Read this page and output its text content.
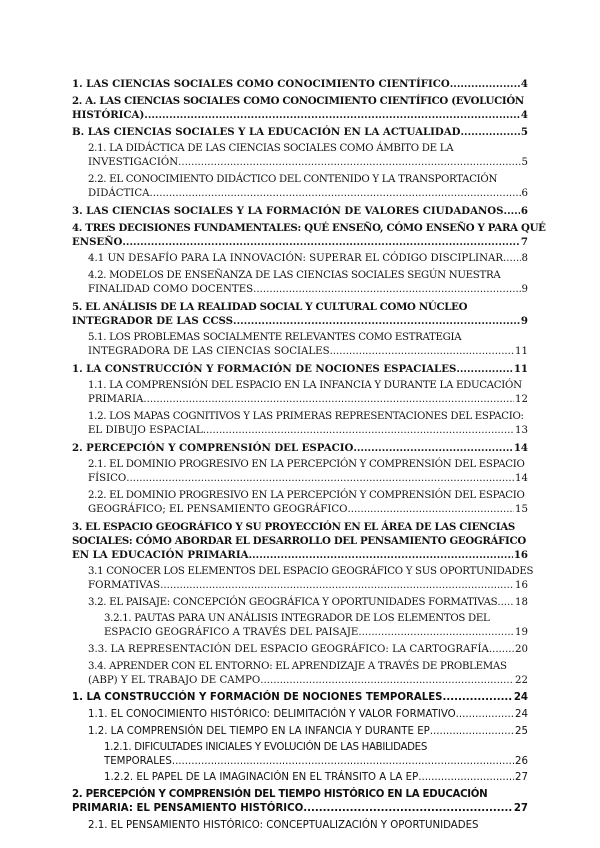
1. LAS CIENCIAS SOCIALES COMO CONOCIMIENTO CIENTÍFICO .....	4
2. A. LAS CIENCIAS SOCIALES COMO CONOCIMIENTO CIENTÍFICO (EVOLUCIÓN
HISTÓRICA) .....	4
B. LAS CIENCIAS SOCIALES Y LA EDUCACIÓN EN LA ACTUALIDAD .....	5
2.1. LA DIDÁCTICA DE LAS CIENCIAS SOCIALES COMO ÁMBITO DE LA
INVESTIGACIÓN .....	5
2.2. EL CONOCIMIENTO DIDÁCTICO DEL CONTENIDO Y LA TRANSPORTACIÓN
DIDÁCTICA .....	6
3. LAS CIENCIAS SOCIALES Y LA FORMACIÓN DE VALORES CIUDADANOS ..... 6
4. TRES DECISIONES FUNDAMENTALES: QUÉ ENSEÑO, CÓMO ENSEÑO Y PARA QUÉ
ENSEÑO .....	7
4.1 UN DESAFÍO PARA LA INNOVACIÓN: SUPERAR EL CÓDIGO DISCIPLINAR ..... 8
4.2. MODELOS DE ENSEÑANZA DE LAS CIENCIAS SOCIALES SEGÚN NUESTRA
FINALIDAD COMO DOCENTES .....	9
5. EL ANÁLISIS DE LA REALIDAD SOCIAL Y CULTURAL COMO NÚCLEO
INTEGRADOR DE LAS CCSS .....	9
5.1. LOS PROBLEMAS SOCIALMENTE RELEVANTES COMO ESTRATEGIA
INTEGRADORA DE LAS CIENCIAS SOCIALES .....	11
1. LA CONSTRUCCIÓN Y FORMACIÓN DE NOCIONES ESPACIALES .....	11
1.1. LA COMPRENSIÓN DEL ESPACIO EN LA INFANCIA Y DURANTE LA EDUCACIÓN
PRIMARIA .....	12
1.2. LOS MAPAS COGNITIVOS Y LAS PRIMERAS REPRESENTACIONES DEL ESPACIO:
EL DIBUJO ESPACIAL .....	13
2. PERCEPCIÓN Y COMPRENSIÓN DEL ESPACIO .....	14
2.1. EL DOMINIO PROGRESIVO EN LA PERCEPCIÓN Y COMPRENSIÓN DEL ESPACIO
FÍSICO .....	14
2.2. EL DOMINIO PROGRESIVO EN LA PERCEPCIÓN Y COMPRENSIÓN DEL ESPACIO
GEOGRÁFICO; EL PENSAMIENTO GEOGRÁFICO .....	15
3. EL ESPACIO GEOGRÁFICO Y SU PROYECCIÓN EN EL ÁREA DE LAS CIENCIASSOCIALES: CÓMO ABORDAR EL DESARROLLO DEL PENSAMIENTO GEOGRÁFICO
EN LA EDUCACIÓN PRIMARIA .....	16
3.1 CONOCER LOS ELEMENTOS DEL ESPACIO GEOGRÁFICO Y SUS OPORTUNIDADES
FORMATIVAS .....	16
3.2. EL PAISAJE: CONCEPCIÓN GEOGRÁFICA Y OPORTUNIDADES FORMATIVAS ..... 18
3.2.1. PAUTAS PARA UN ANÁLISIS INTEGRADOR DE LOS ELEMENTOS DEL
ESPACIO GEOGRÁFICO A TRAVÉS DEL PAISAJE .....	19
3.3. LA REPRESENTACIÓN DEL ESPACIO GEOGRÁFICO: LA CARTOGRAFÍA .....	20
3.4. APRENDER CON EL ENTORNO: EL APRENDIZAJE A TRAVÉS DE PROBLEMAS
(ABP) Y EL TRABAJO DE CAMPO .....	22
1. LA CONSTRUCCIÓN Y FORMACIÓN DE NOCIONES TEMPORALES .....	24
1.1. EL CONOCIMIENTO HISTÓRICO: DELIMITACIÓN Y VALOR FORMATIVO .....	24
1.2. LA COMPRENSIÓN DEL TIEMPO EN LA INFANCIA Y DURANTE EP .....	25
1.2.1. DIFICULTADES INICIALES Y EVOLUCIÓN DE LAS HABILIDADES
TEMPORALES .....	26
1.2.2. EL PAPEL DE LA IMAGINACIÓN EN EL TRÁNSITO A LA EP .....	27
2. PERCEPCIÓN Y COMPRENSIÓN DEL TIEMPO HISTÓRICO EN LA EDUCACIÓN
PRIMARIA: EL PENSAMIENTO HISTÓRICO .....	27
2.1. EL PENSAMIENTO HISTÓRICO: CONCEPTUALIZACIÓN Y OPORTUNIDADES
